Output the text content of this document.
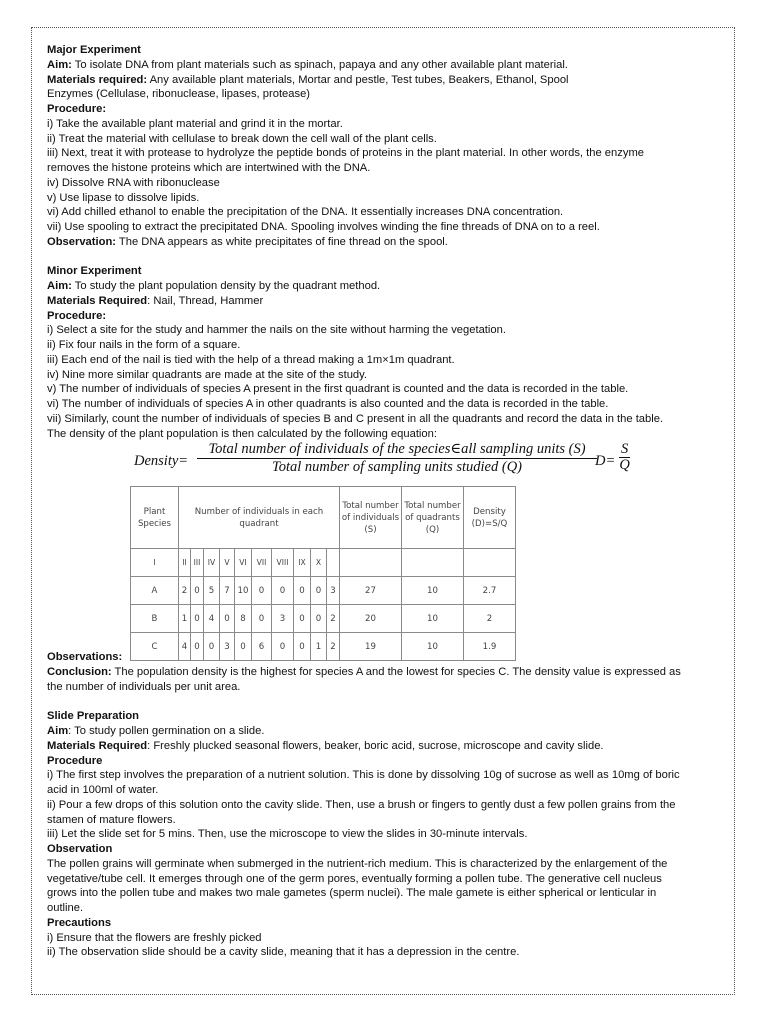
Major Experiment
Aim: To isolate DNA from plant materials such as spinach, papaya and any other available plant material.
Materials required: Any available plant materials, Mortar and pestle, Test tubes, Beakers, Ethanol, Spool
Enzymes (Cellulase, ribonuclease, lipases, protease)
Procedure:
i) Take the available plant material and grind it in the mortar.
ii) Treat the material with cellulase to break down the cell wall of the plant cells.
iii) Next, treat it with protease to hydrolyze the peptide bonds of proteins in the plant material. In other words, the enzyme
removes the histone proteins which are intertwined with the DNA.
iv) Dissolve RNA with ribonuclease
v) Use lipase to dissolve lipids.
vi) Add chilled ethanol to enable the precipitation of the DNA. It essentially increases DNA concentration.
vii) Use spooling to extract the precipitated DNA. Spooling involves winding the fine threads of DNA on to a reel.
Observation: The DNA appears as white precipitates of fine thread on the spool.
Minor Experiment
Aim: To study the plant population density by the quadrant method.
Materials Required: Nail, Thread, Hammer
Procedure:
i) Select a site for the study and hammer the nails on the site without harming the vegetation.
ii) Fix four nails in the form of a square.
iii) Each end of the nail is tied with the help of a thread making a 1m×1m quadrant.
iv) Nine more similar quadrants are made at the site of the study.
v) The number of individuals of species A present in the first quadrant is counted and the data is recorded in the table.
vi) The number of individuals of species A in other quadrants is also counted and the data is recorded in the table.
vii) Similarly, count the number of individuals of species B and C present in all the quadrants and record the data in the table.
The density of the plant population is then calculated by the following equation:
Density=
Total number of individuals of the species∈all sampling units (S)
Total number of sampling units studied (Q)	D=
S
Q
Observations:
Conclusion: The population density is the highest for species A and the lowest for species C. The density value is expressed as
the number of individuals per unit area.
Slide Preparation
Aim: To study pollen germination on a slide.
Materials Required: Freshly plucked seasonal flowers, beaker, boric acid, sucrose, microscope and cavity slide.
Procedure
i) The first step involves the preparation of a nutrient solution. This is done by dissolving 10g of sucrose as well as 10mg of boric
acid in 100ml of water.
ii) Pour a few drops of this solution onto the cavity slide. Then, use a brush or fingers to gently dust a few pollen grains from the
stamen of mature flowers.
iii) Let the slide set for 5 mins. Then, use the microscope to view the slides in 30-minute intervals.
Observation
The pollen grains will germinate when submerged in the nutrient-rich medium. This is characterized by the enlargement of the
vegetative/tube cell. It emerges through one of the germ pores, eventually forming a pollen tube. The generative cell nucleus
grows into the pollen tube and makes two male gametes (sperm nuclei). The male gamete is either spherical or lenticular in
outline.
Precautions
i) Ensure that the flowers are freshly picked
ii) The observation slide should be a cavity slide, meaning that it has a depression in the centre.
Plant Species	Number of individuals in each quadrant										Total number of individuals (S)	Total number of quadrants (Q)	Density (D)=S/Q
I	II	III	IV	V	VI	VII	VIII	IX	X				
A	2	0	5	7	10	0	0	0	0	3	27	10	2.7
B	1	0	4	0	8	0	3	0	0	2	20	10	2
C	4	0	0	3	0	6	0	0	1	2	19	10	1.9
